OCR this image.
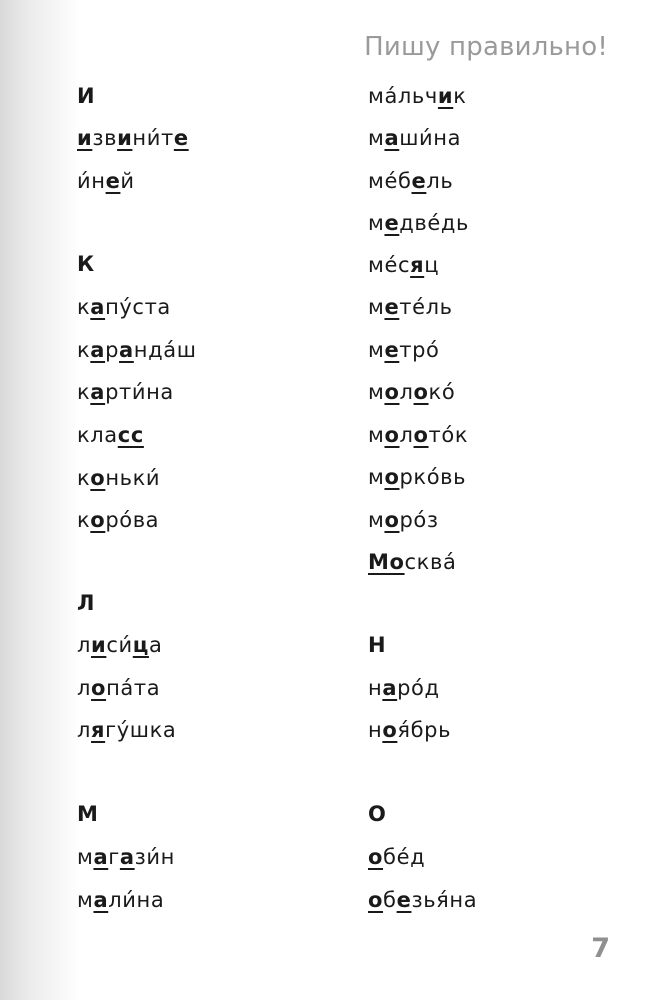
Пишу правильно!
И
извини́те
и́ней
К
капу́ста
каранда́ш
карти́на
класс
коньки́
коро́ва
Л
лиси́ца
лопа́та
лягу́шка
М
магази́н
мали́на
ма́льчик
маши́на
ме́бель
медве́дь
ме́сяц
мете́ль
метро́
молоко́
молото́к
морко́вь
моро́з
Москва́
Н
наро́д
ноя́брь
О
обе́д
обезья́на
7
